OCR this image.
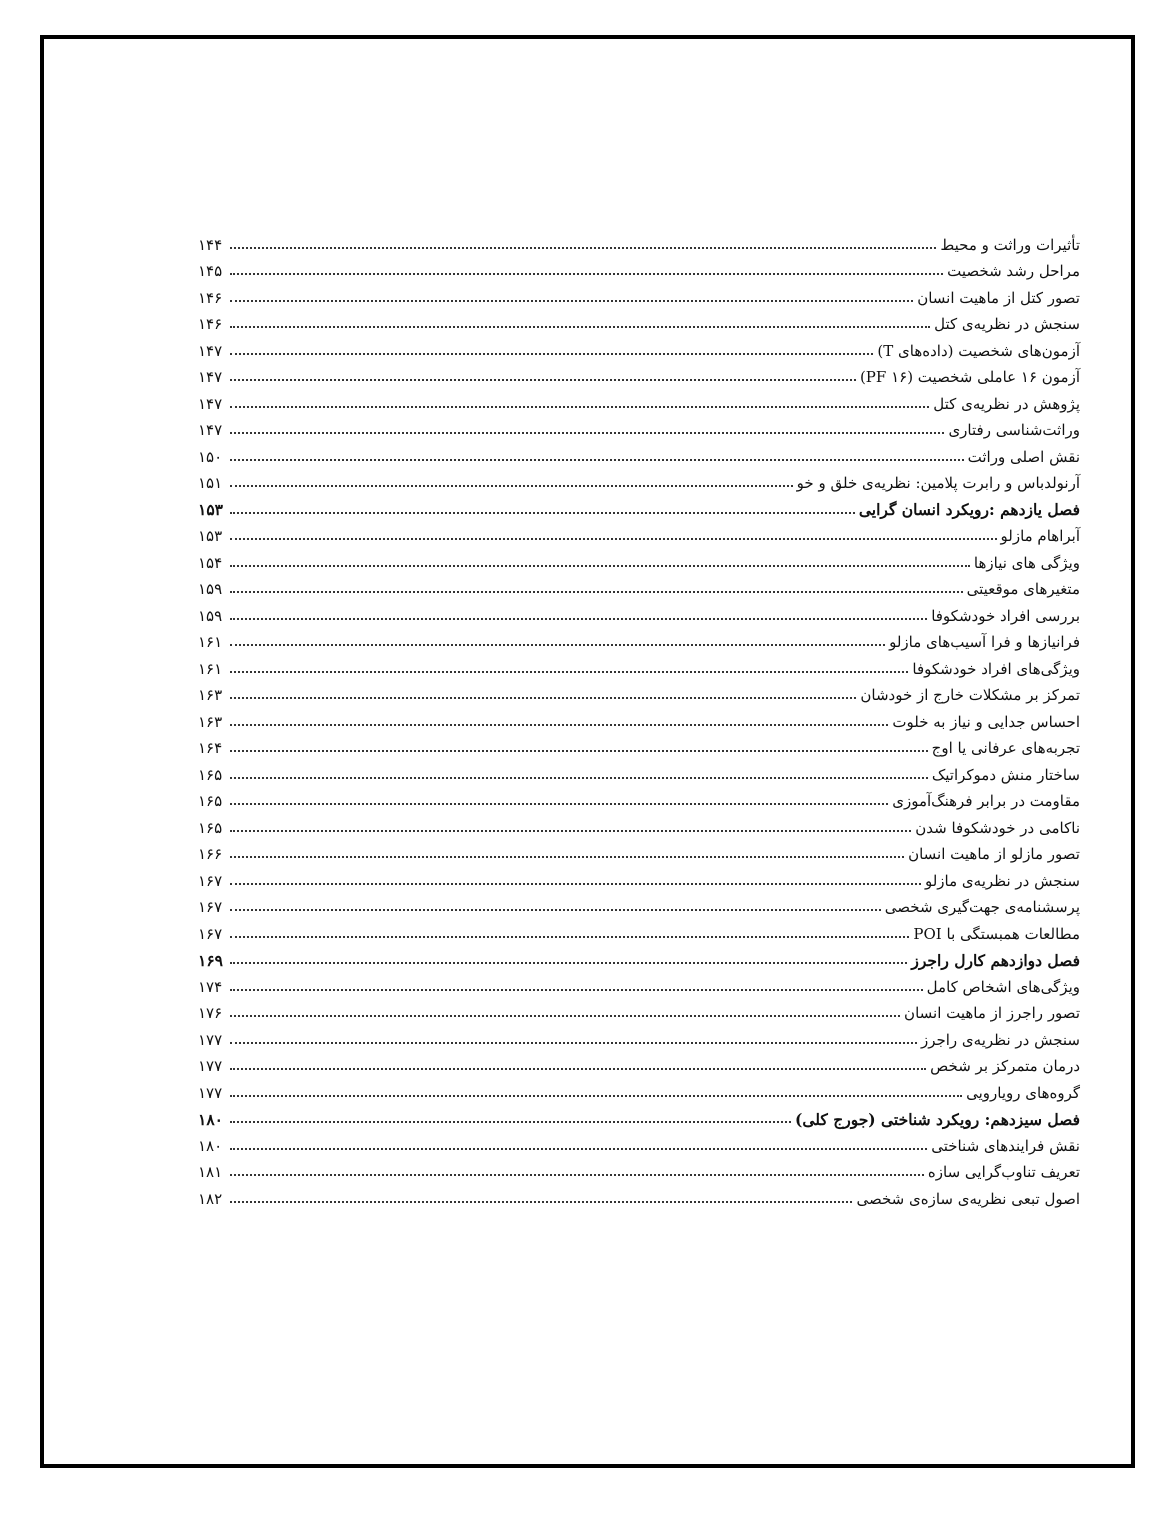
تأثیرات وراثت و محیط
۱۴۴
مراحل رشد شخصیت
۱۴۵
تصور کتل از ماهیت انسان
۱۴۶
سنجش در نظریه‌ی کتل
۱۴۶
آزمون‌های شخصیت (داده‌های T)
۱۴۷
آزمون ۱۶ عاملی شخصیت (PF ۱۶)
۱۴۷
پژوهش در نظریه‌ی کتل
۱۴۷
وراثت‌شناسی رفتاری
۱۴۷
نقش اصلی وراثت
۱۵۰
آرنولدباس و رابرت پلامین: نظریه‌ی خلق و خو
۱۵۱
فصل یازدهم :رویکرد انسان گرایی
۱۵۳
آبراهام مازلو
۱۵۳
ویژگی های نیازها
۱۵۴
متغیرهای موقعیتی
۱۵۹
بررسی افراد خودشکوفا
۱۵۹
فرانیازها و فرا آسیب‌های مازلو
۱۶۱
ویژگی‌های افراد خودشکوفا
۱۶۱
تمرکز بر مشکلات خارج از خودشان
۱۶۳
احساس جدایی و نیاز به خلوت
۱۶۳
تجربه‌های عرفانی یا اوج
۱۶۴
ساختار منش دموکراتیک
۱۶۵
مقاومت در برابر فرهنگ‌آموزی
۱۶۵
ناکامی در خودشکوفا شدن
۱۶۵
تصور مازلو از ماهیت انسان
۱۶۶
سنجش در نظریه‌ی مازلو
۱۶۷
پرسشنامه‌ی جهت‌گیری شخصی
۱۶۷
مطالعات همبستگی با POI
۱۶۷
فصل دوازدهم کارل راجرز
۱۶۹
ویژگی‌های اشخاص کامل
۱۷۴
تصور راجرز از ماهیت انسان
۱۷۶
سنجش در نظریه‌ی راجرز
۱۷۷
درمان متمرکز بر شخص
۱۷۷
گروه‌های رویارویی
۱۷۷
فصل سیزدهم: رویکرد شناختی (جورج کلی)
۱۸۰
نقش فرایندهای شناختی
۱۸۰
تعریف تناوب‌گرایی سازه
۱۸۱
اصول تبعی نظریه‌ی سازه‌ی شخصی
۱۸۲
